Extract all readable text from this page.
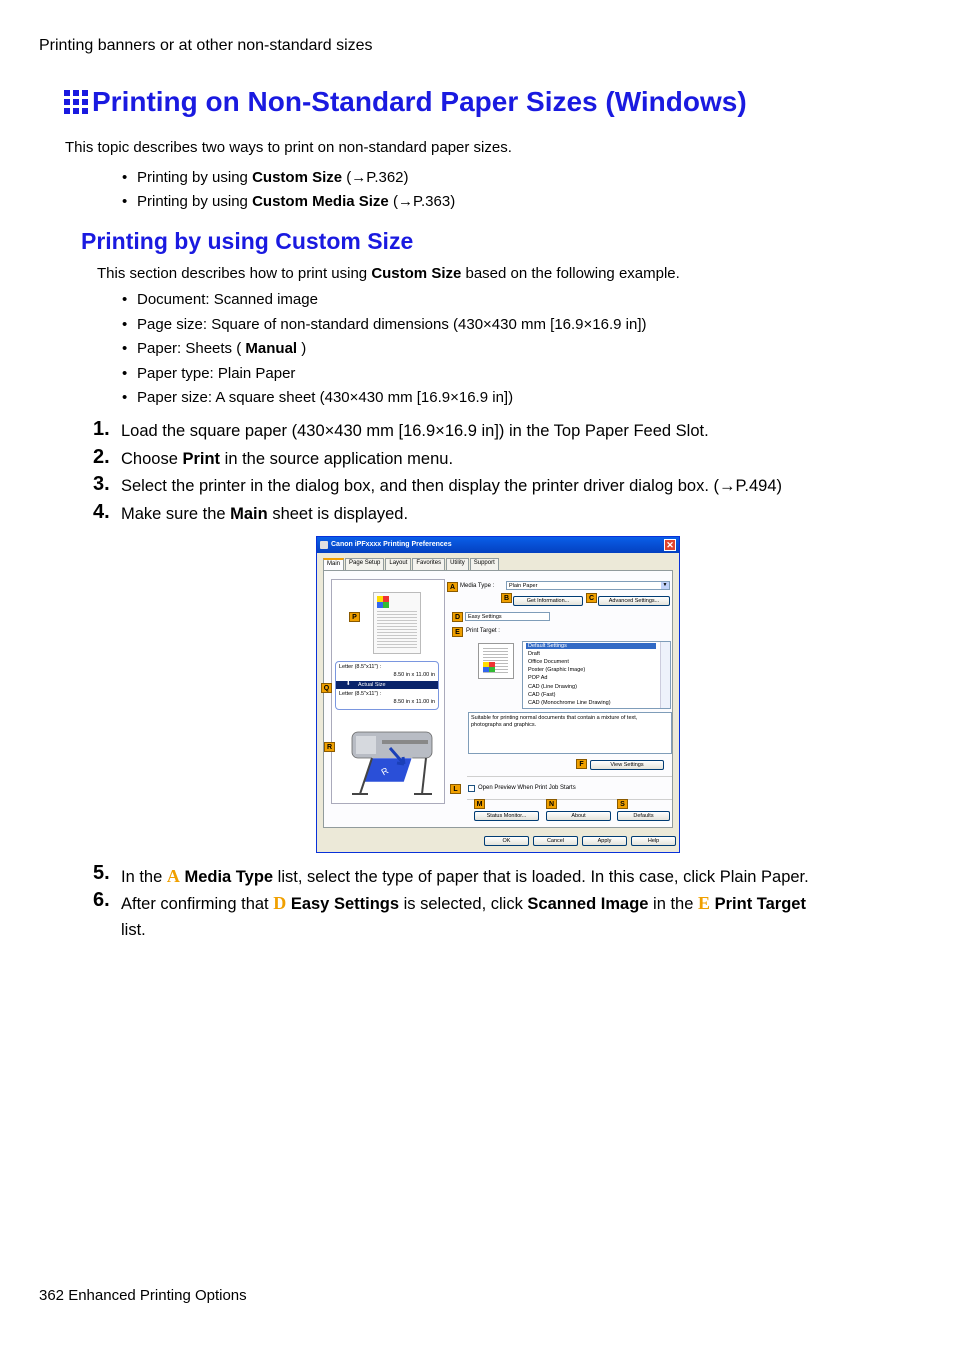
Printing banners or at other non-standard sizes
Printing on Non-Standard Paper Sizes (Windows)
This topic describes two ways to print on non-standard paper sizes.
• Printing by using Custom Size (→P.362)
• Printing by using Custom Media Size (→P.363)
Printing by using Custom Size
This section describes how to print using Custom Size based on the following example.
• Document: Scanned image
• Page size: Square of non-standard dimensions (430×430 mm [16.9×16.9 in])
• Paper: Sheets ( Manual )
• Paper type: Plain Paper
• Paper size: A square sheet (430×430 mm [16.9×16.9 in])
1. Load the square paper (430×430 mm [16.9×16.9 in]) in the Top Paper Feed Slot.
2. Choose Print in the source application menu.
3. Select the printer in the dialog box, and then display the printer driver dialog box. (→P.494)
4. Make sure the Main sheet is displayed.
Canon iPFxxxx Printing Preferences	✕
Main	Page Setup	Layout	Favorites	Utility	Support
Letter (8.5"x11") :
8.50 in x 11.00 in
⬇ Actual Size
Letter (8.5"x11") :
8.50 in x 11.00 in
R
P
Q
R
A Media Type :	Plain Paper	▼
B	Get Information...	C	Advanced Settings...
D	Easy Settings
E	Print Target :
Default Settings
Draft
Office Document
Poster (Graphic Image)
POP Ad
CAD (Line Drawing)
CAD (Fast)
CAD (Monochrome Line Drawing)
Suitable for printing normal documents that contain a mixture of text, photographs and graphics.
F	View Settings
L	Open Preview When Print Job Starts
M	N	S
Status Monitor...	About	Defaults
OK	Cancel	Apply	Help
5. In the A Media Type list, select the type of paper that is loaded. In this case, click Plain Paper.
6. After confirming that D Easy Settings is selected, click Scanned Image in the E Print Target
list.
362 Enhanced Printing Options
